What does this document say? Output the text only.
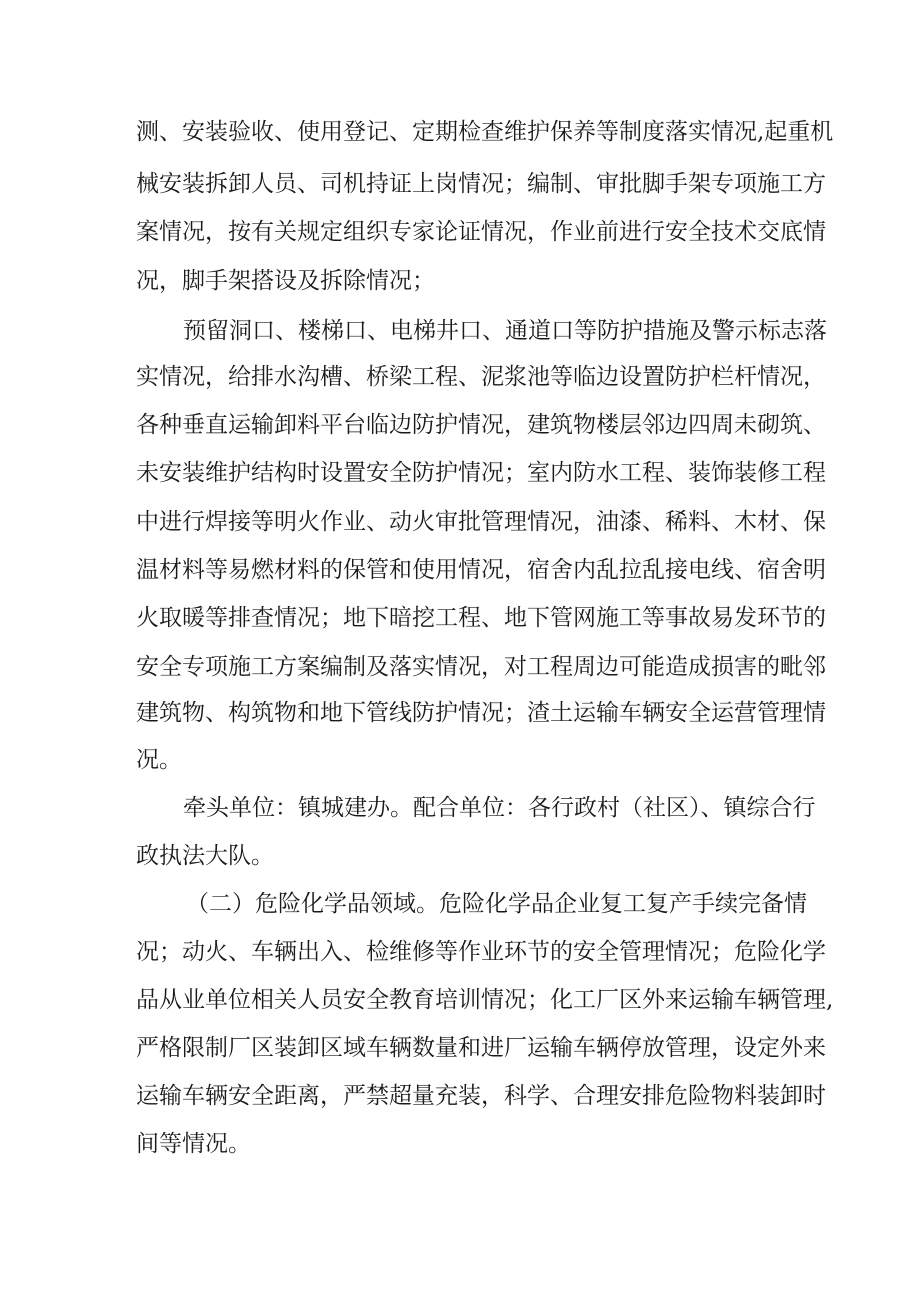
测、安装验收、使用登记、定期检查维护保养等制度落实情况,起重机

械安装拆卸人员、司机持证上岗情况；编制、审批脚手架专项施工方

案情况，按有关规定组织专家论证情况，作业前进行安全技术交底情

况，脚手架搭设及拆除情况；

预留洞口、楼梯口、电梯井口、通道口等防护措施及警示标志落

实情况，给排水沟槽、桥梁工程、泥浆池等临边设置防护栏杆情况，

各种垂直运输卸料平台临边防护情况，建筑物楼层邻边四周未砌筑、

未安装维护结构时设置安全防护情况；室内防水工程、装饰装修工程

中进行焊接等明火作业、动火审批管理情况，油漆、稀料、木材、保

温材料等易燃材料的保管和使用情况，宿舍内乱拉乱接电线、宿舍明

火取暖等排查情况；地下暗挖工程、地下管网施工等事故易发环节的

安全专项施工方案编制及落实情况，对工程周边可能造成损害的毗邻

建筑物、构筑物和地下管线防护情况；渣土运输车辆安全运营管理情

况。

牵头单位：镇城建办。配合单位：各行政村（社区）、镇综合行

政执法大队。

（二）危险化学品领域。危险化学品企业复工复产手续完备情

况；动火、车辆出入、检维修等作业环节的安全管理情况；危险化学

品从业单位相关人员安全教育培训情况；化工厂区外来运输车辆管理,

严格限制厂区装卸区域车辆数量和进厂运输车辆停放管理，设定外来

运输车辆安全距离，严禁超量充装，科学、合理安排危险物料装卸时

间等情况。
